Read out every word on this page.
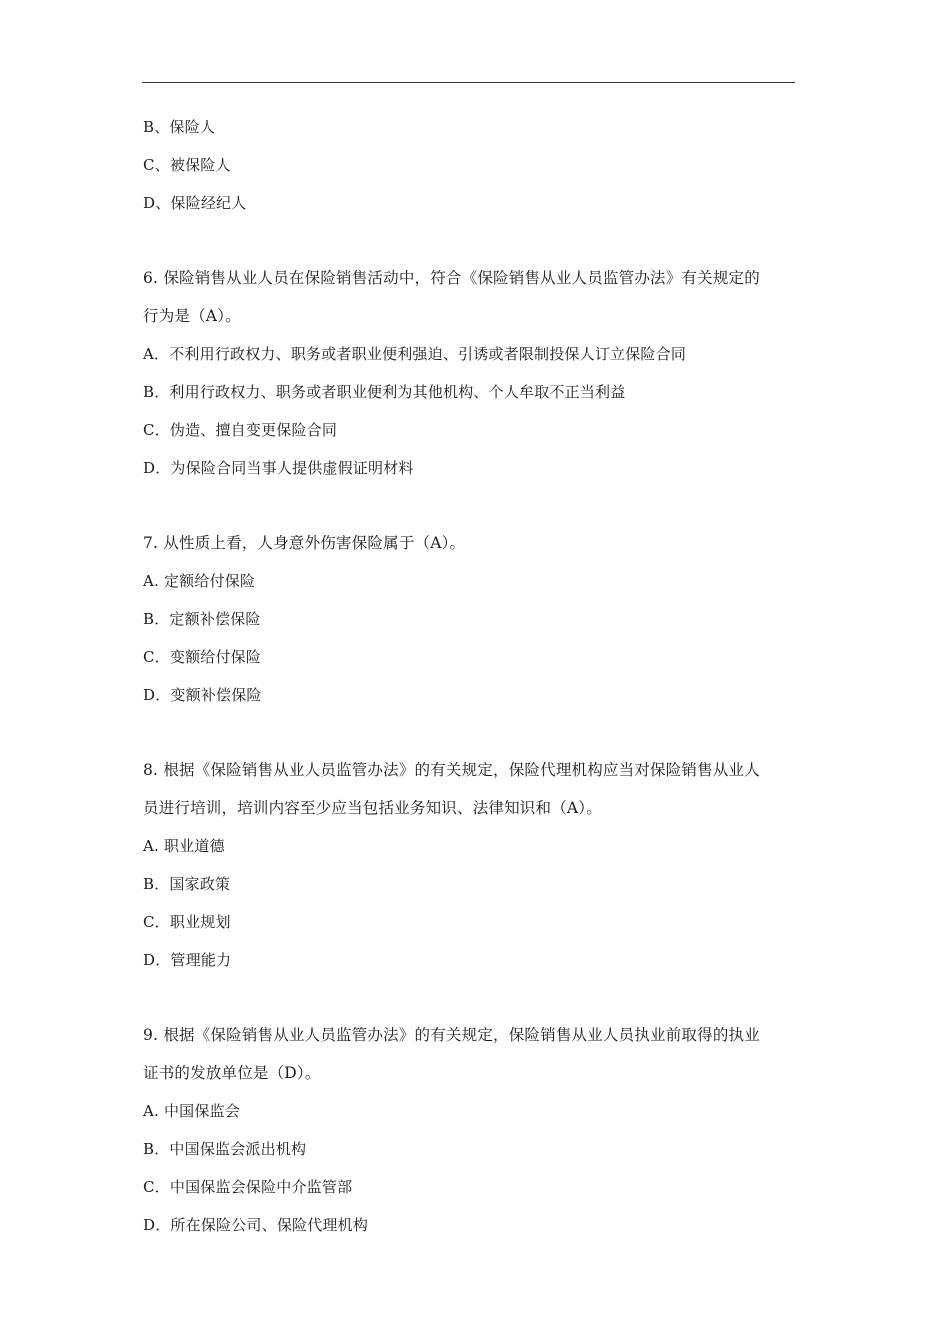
B、保险人
C、被保险人
D、保险经纪人
6. 保险销售从业人员在保险销售活动中，符合《保险销售从业人员监管办法》有关规定的
行为是（A）。
A．不利用行政权力、职务或者职业便利强迫、引诱或者限制投保人订立保险合同
B．利用行政权力、职务或者职业便利为其他机构、个人牟取不正当利益
C．伪造、擅自变更保险合同
D．为保险合同当事人提供虚假证明材料
7. 从性质上看，人身意外伤害保险属于（A）。
A. 定额给付保险
B．定额补偿保险
C．变额给付保险
D．变额补偿保险
8. 根据《保险销售从业人员监管办法》的有关规定，保险代理机构应当对保险销售从业人
员进行培训，培训内容至少应当包括业务知识、法律知识和（A）。
A. 职业道德
B．国家政策
C．职业规划
D．管理能力
9. 根据《保险销售从业人员监管办法》的有关规定，保险销售从业人员执业前取得的执业
证书的发放单位是（D）。
A. 中国保监会
B．中国保监会派出机构
C．中国保监会保险中介监管部
D．所在保险公司、保险代理机构
